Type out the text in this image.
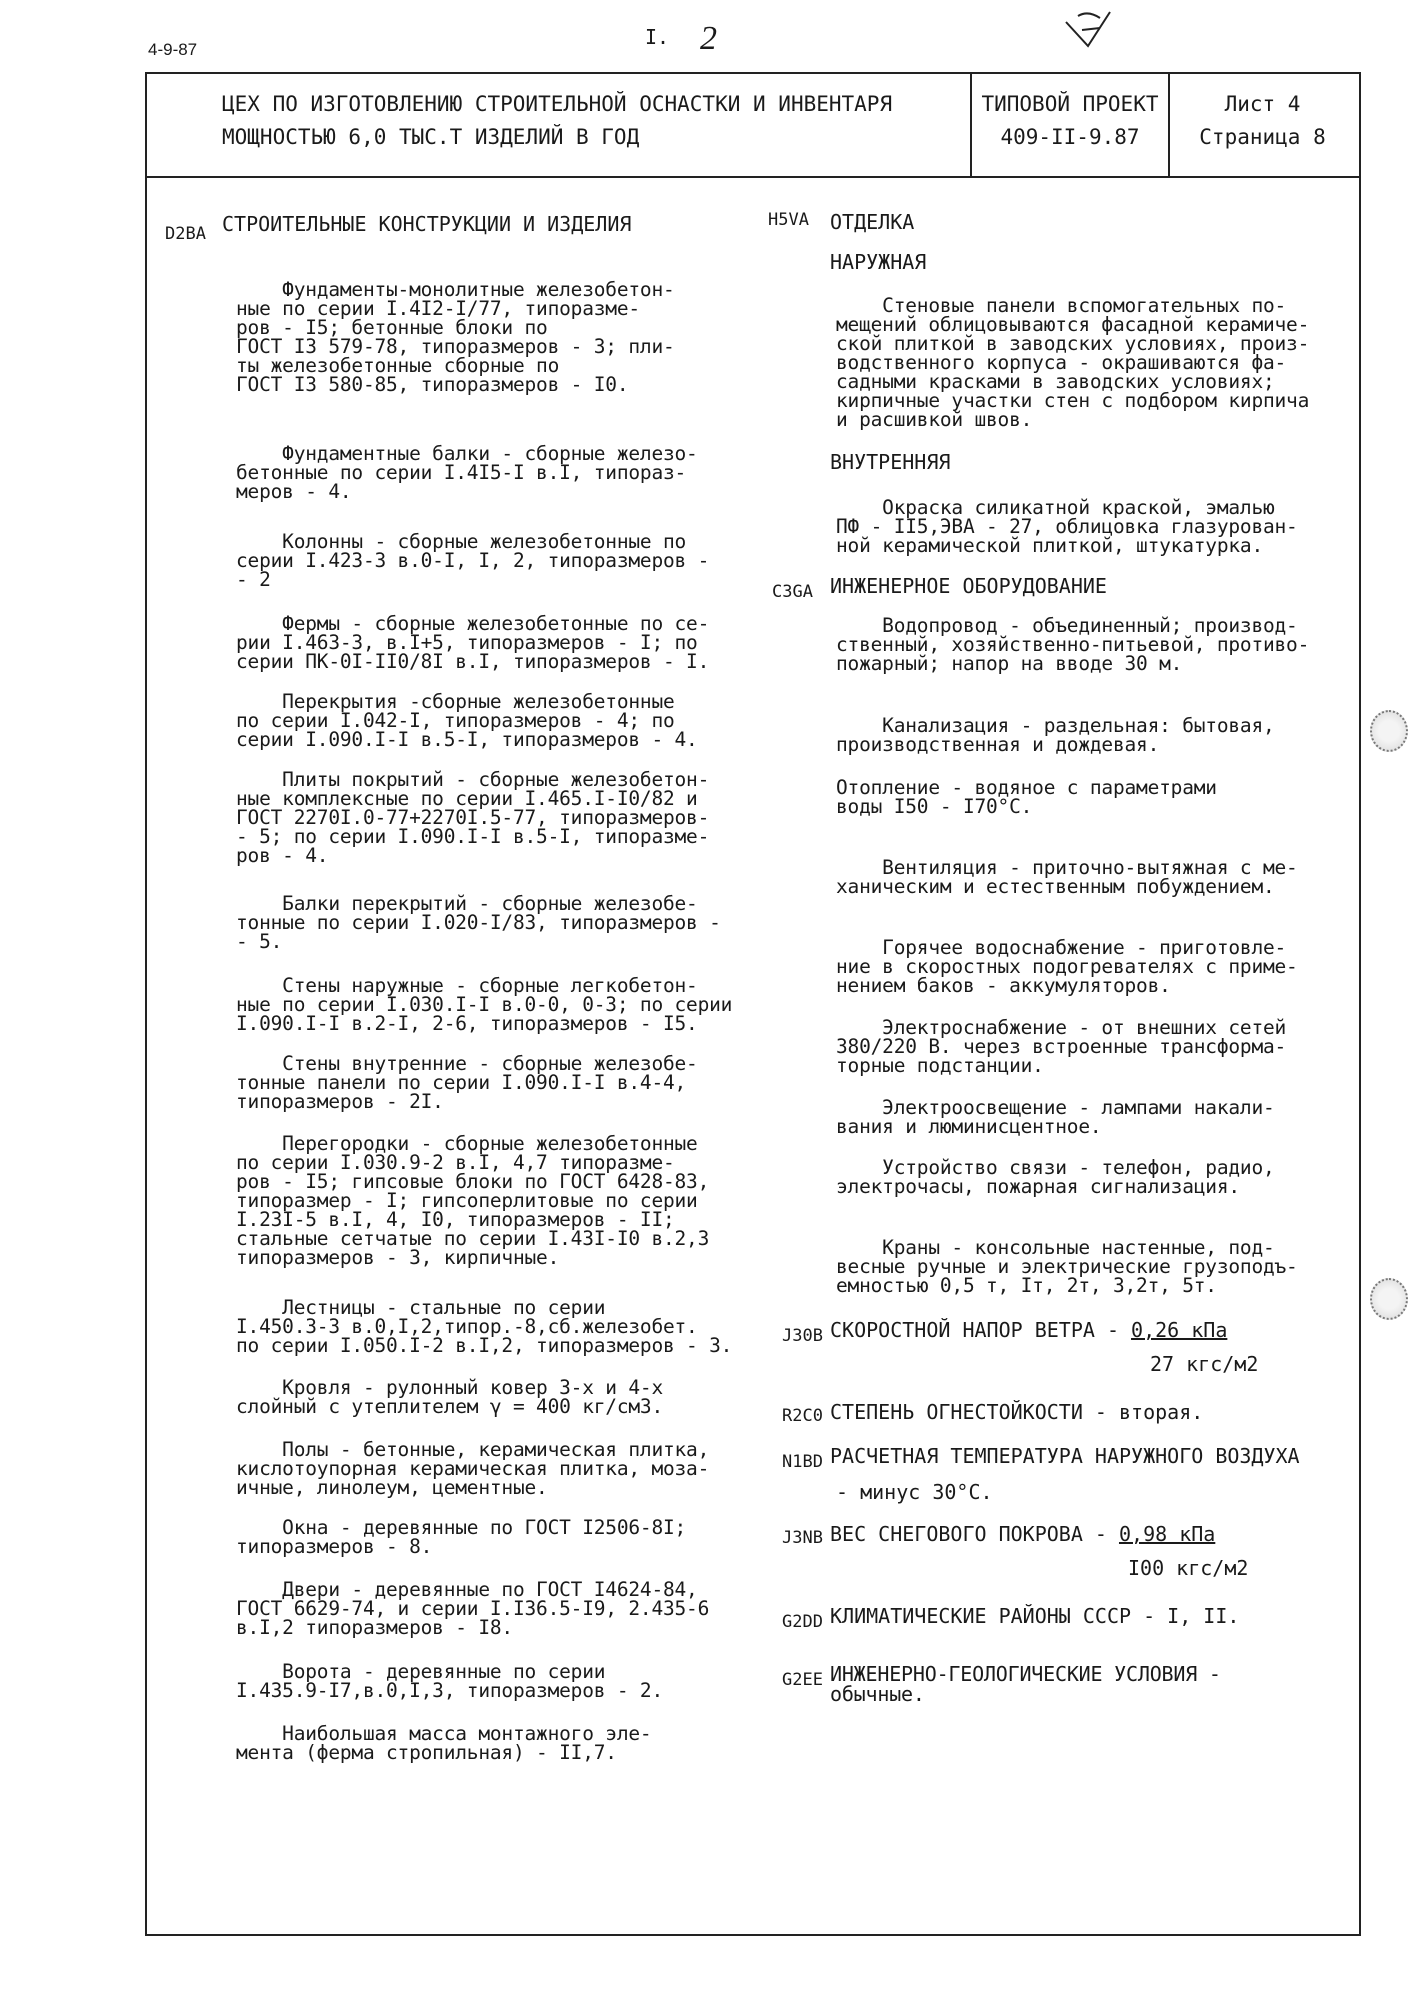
4-9-87
I. 2
ЦЕХ ПО ИЗГОТОВЛЕНИЮ СТРОИТЕЛЬНОЙ ОСНАСТКИ И ИНВЕНТАРЯ
МОЩНОСТЬЮ 6,0 ТЫС.Т ИЗДЕЛИЙ В ГОД
ТИПОВОЙ ПРОЕКТ
409-II-9.87
Лист 4
Страница 8
D2BA СТРОИТЕЛЬНЫЕ КОНСТРУКЦИИ И ИЗДЕЛИЯ
Фундаменты-монолитные железобетон-
ные по серии I.4I2-I/77, типоразме-
ров - I5; бетонные блоки по
ГОСТ I3 579-78, типоразмеров - 3; пли-
ты железобетонные сборные по
ГОСТ I3 580-85, типоразмеров - I0.
Фундаментные балки - сборные железо-
бетонные по серии I.4I5-I в.I, типораз-
меров - 4.
Колонны - сборные железобетонные по
серии I.423-3 в.0-I, I, 2, типоразмеров -
- 2
Фермы - сборные железобетонные по се-
рии I.463-3, в.I+5, типоразмеров - I; по
серии ПК-0I-II0/8I в.I, типоразмеров - I.
Перекрытия -сборные железобетонные
по серии I.042-I, типоразмеров - 4; по
серии I.090.I-I в.5-I, типоразмеров - 4.
Плиты покрытий - сборные железобетон-
ные комплексные по серии I.465.I-I0/82 и
ГОСТ 2270I.0-77+2270I.5-77, типоразмеров-
- 5; по серии I.090.I-I в.5-I, типоразме-
ров - 4.
Балки перекрытий - сборные железобе-
тонные по серии I.020-I/83, типоразмеров -
- 5.
Стены наружные - сборные легкобетон-
ные по серии I.030.I-I в.0-0, 0-3; по серии
I.090.I-I в.2-I, 2-6, типоразмеров - I5.
Стены внутренние - сборные железобе-
тонные панели по серии I.090.I-I в.4-4,
типоразмеров - 2I.
Перегородки - сборные железобетонные
по серии I.030.9-2 в.I, 4,7 типоразме-
ров - I5; гипсовые блоки по ГОСТ 6428-83,
типоразмер - I; гипсоперлитовые по серии
I.23I-5 в.I, 4, I0, типоразмеров - II;
стальные сетчатые по серии I.43I-I0 в.2,3
типоразмеров - 3, кирпичные.
Лестницы - стальные по серии
I.450.3-3 в.0,I,2,типор.-8,сб.железобет.
по серии I.050.I-2 в.I,2, типоразмеров - 3.
Кровля - рулонный ковер 3-х и 4-х
слойный с утеплителем γ = 400 кг/см3.
Полы - бетонные, керамическая плитка,
кислотоупорная керамическая плитка, моза-
ичные, линолеум, цементные.
Окна - деревянные по ГОСТ I2506-8I;
типоразмеров - 8.
Двери - деревянные по ГОСТ I4624-84,
ГОСТ 6629-74, и серии I.I36.5-I9, 2.435-6
в.I,2 типоразмеров - I8.
Ворота - деревянные по серии
I.435.9-I7,в.0,I,3, типоразмеров - 2.
Наибольшая масса монтажного эле-
мента (ферма стропильная) - II,7.
H5VA ОТДЕЛКА
НАРУЖНАЯ
Стеновые панели вспомогательных по-
мещений облицовываются фасадной керамиче-
ской плиткой в заводских условиях, произ-
водственного корпуса - окрашиваются фа-
садными красками в заводских условиях;
кирпичные участки стен с подбором кирпича
и расшивкой швов.
ВНУТРЕННЯЯ
Окраска силикатной краской, эмалью
ПФ - II5,ЭВА - 27, облицовка глазурован-
ной керамической плиткой, штукатурка.
C3GA ИНЖЕНЕРНОЕ ОБОРУДОВАНИЕ
Водопровод - объединенный; производ-
ственный, хозяйственно-питьевой, противо-
пожарный; напор на вводе 30 м.
Канализация - раздельная: бытовая,
производственная и дождевая.
Отопление - водяное с параметрами
воды I50 - I70°C.
Вентиляция - приточно-вытяжная с ме-
ханическим и естественным побуждением.
Горячее водоснабжение - приготовле-
ние в скоростных подогревателях с приме-
нением баков - аккумуляторов.
Электроснабжение - от внешних сетей
380/220 В. через встроенные трансформа-
торные подстанции.
Электроосвещение - лампами накали-
вания и люминисцентное.
Устройство связи - телефон, радио,
электрочасы, пожарная сигнализация.
Краны - консольные настенные, под-
весные ручные и электрические грузоподъ-
емностью 0,5 т, Iт, 2т, 3,2т, 5т.
J30B СКОРОСТНОЙ НАПОР ВЕТРА - 0,26 кПа
27 кгс/м2
R2C0 СТЕПЕНЬ ОГНЕСТОЙКОСТИ - вторая.
N1BD РАСЧЕТНАЯ ТЕМПЕРАТУРА НАРУЖНОГО ВОЗДУХА
- минус 30°C.
J3NB ВЕС СНЕГОВОГО ПОКРОВА - 0,98 кПа
I00 кгс/м2
G2DD КЛИМАТИЧЕСКИЕ РАЙОНЫ СССР - I, II.
G2EE ИНЖЕНЕРНО-ГЕОЛОГИЧЕСКИЕ УСЛОВИЯ -
обычные.
